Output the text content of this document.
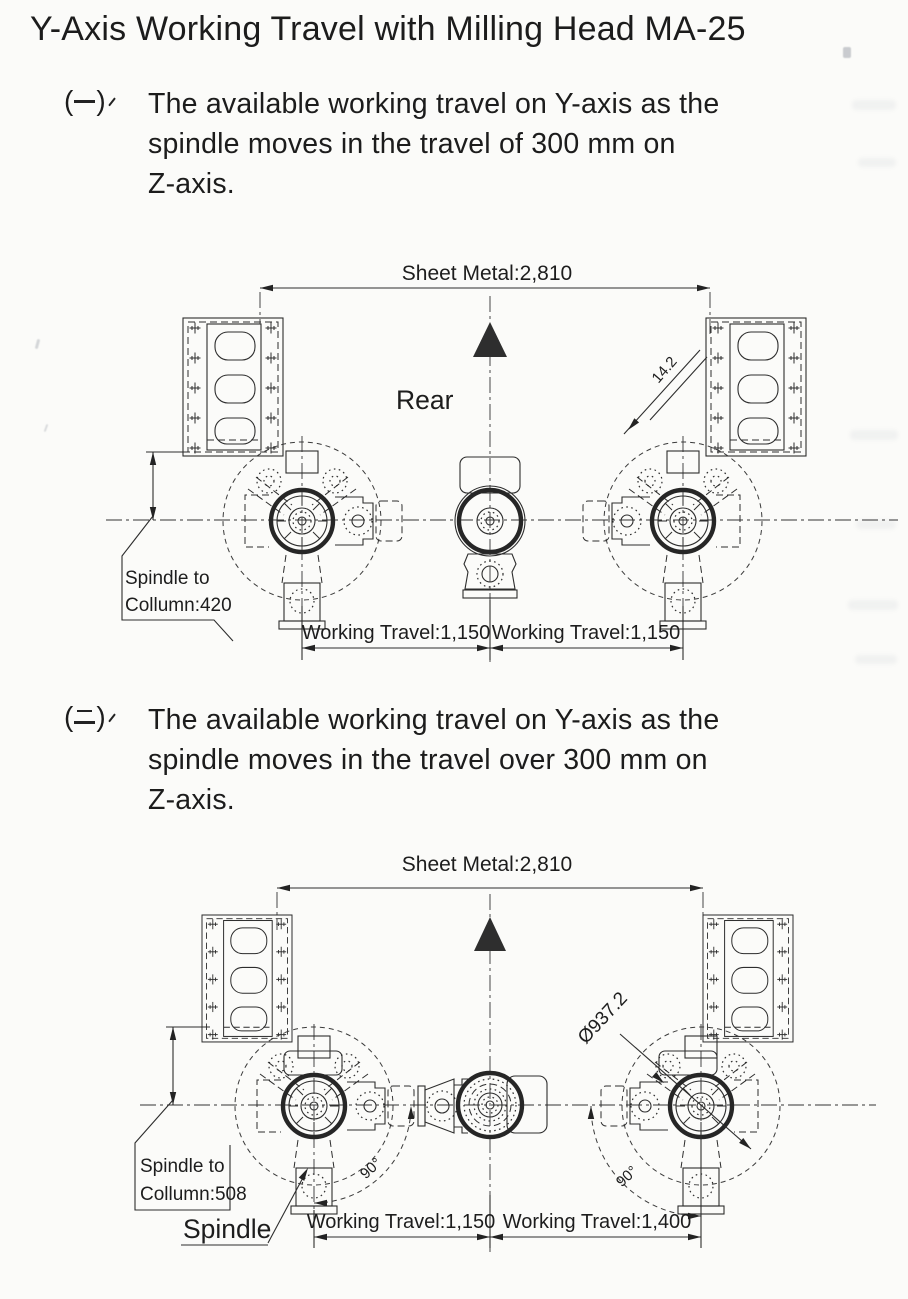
Y-Axis Working Travel with Milling Head MA-25
( )	The available working travel on Y-axis as the
spindle moves in the travel of 300 mm on
Z-axis.
( )	The available working travel on Y-axis as the
spindle moves in the travel over 300 mm on
Z-axis.
Sheet Metal:2,810
Rear
14.2
Spindle to
Collumn:420
Working Travel:1,150 Working Travel:1,150
Sheet Metal:2,810
Ø937.2
90°	90°
Spindle to
Collumn:508
Spindle Working Travel:1,150 Working Travel:1,400
